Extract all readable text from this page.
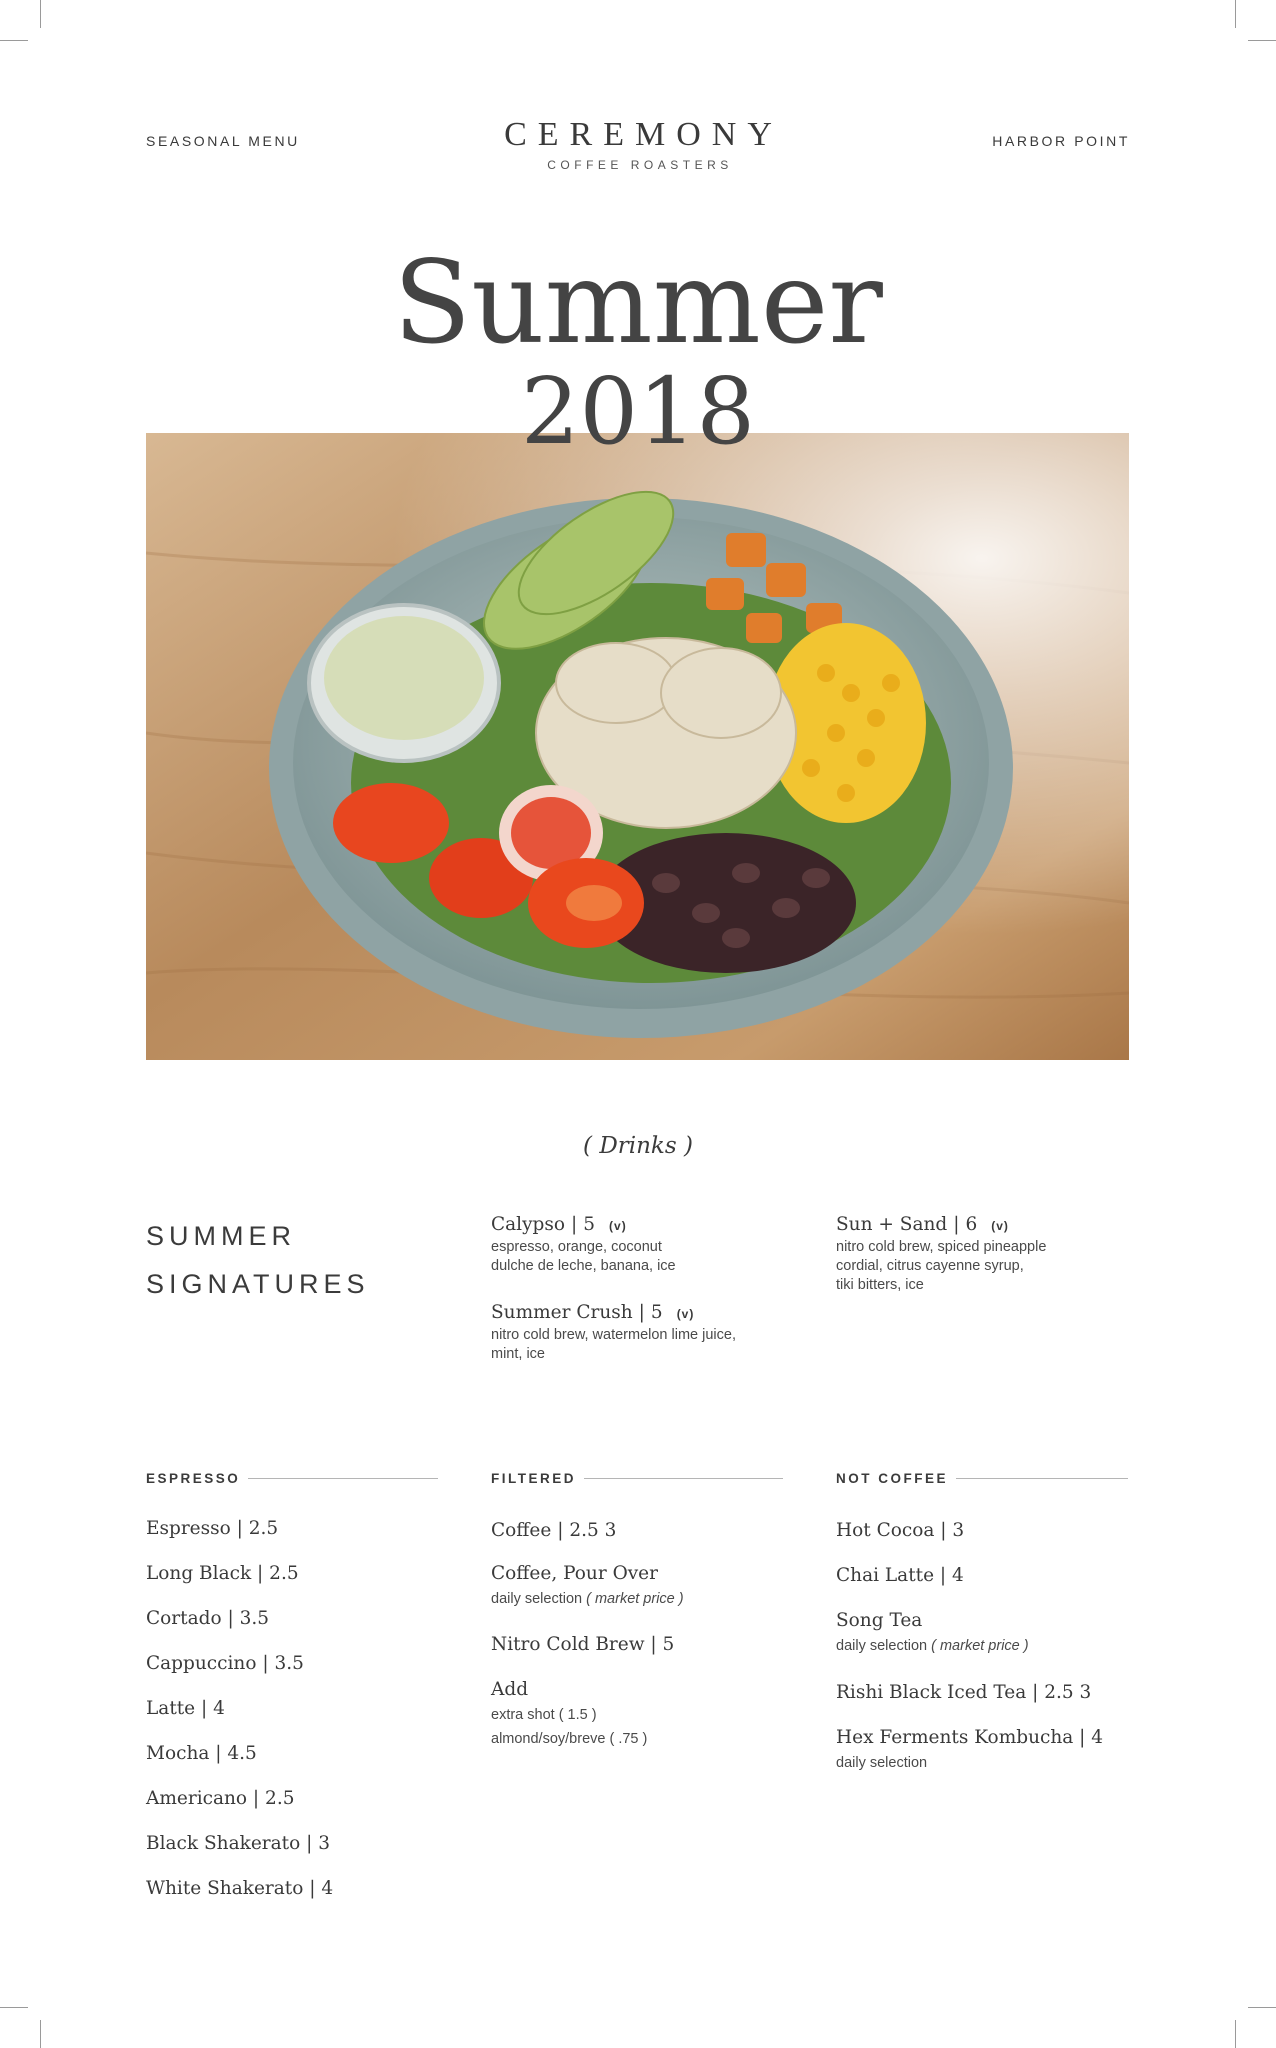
SEASONAL MENU	CEREMONY
COFFEE ROASTERS
HARBOR POINT
Summer
2018
( Drinks )
SUMMER
SIGNATURES
Calypso | 5 (v)
espresso, orange, coconut
dulche de leche, banana, ice
Summer Crush | 5 (v)
nitro cold brew, watermelon lime juice,
mint, ice
Sun + Sand | 6 (v)
nitro cold brew, spiced pineapple
cordial, citrus cayenne syrup,
tiki bitters, ice
ESPRESSO	FILTERED	NOT COFFEE
Espresso | 2.5
Long Black | 2.5
Cortado | 3.5
Cappuccino | 3.5
Latte | 4
Mocha | 4.5
Americano | 2.5
Black Shakerato | 3
White Shakerato | 4
Coffee | 2.5 3
Coffee, Pour Over
daily selection ( market price )
Nitro Cold Brew | 5
Add
extra shot ( 1.5 )
almond/soy/breve ( .75 )
Hot Cocoa | 3
Chai Latte | 4
Song Tea
daily selection ( market price )
Rishi Black Iced Tea | 2.5 3
Hex Ferments Kombucha | 4
daily selection
